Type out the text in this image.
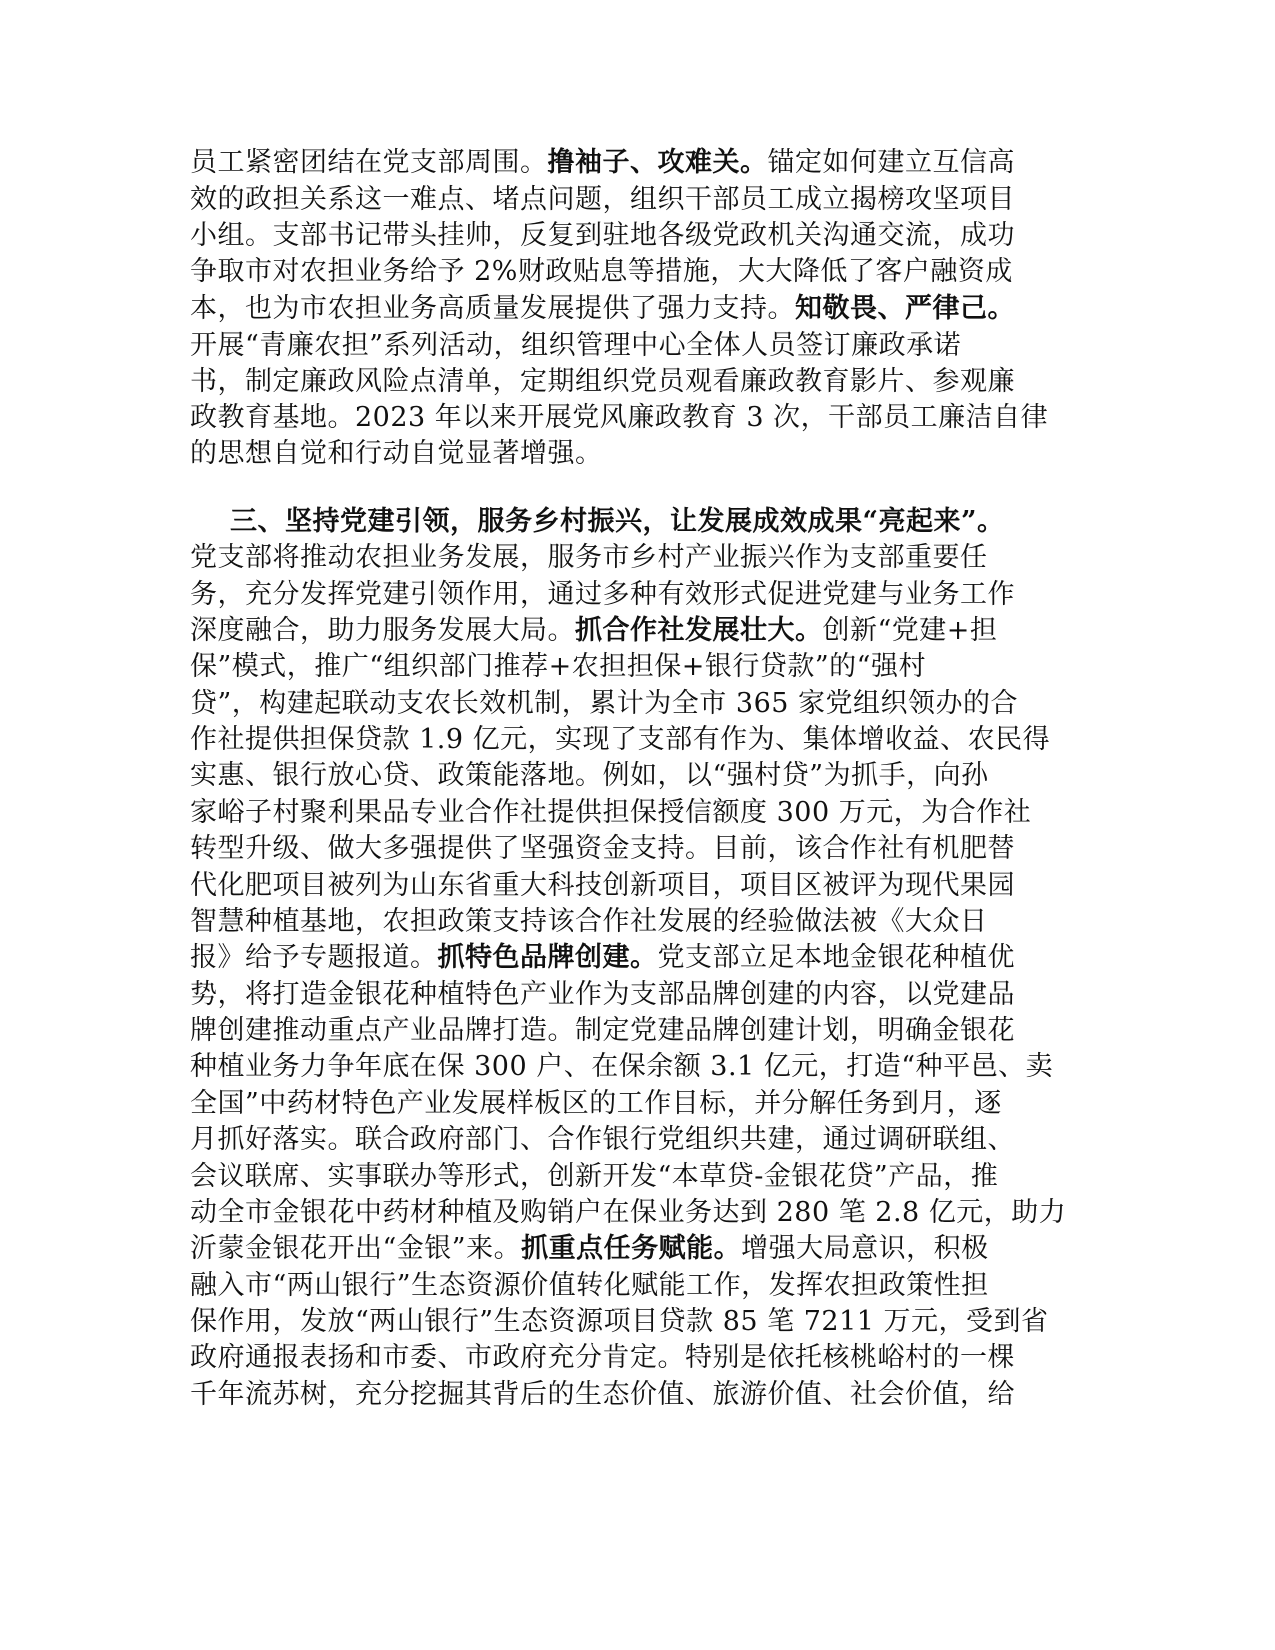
员工紧密团结在党支部周围。撸袖子、攻难关。锚定如何建立互信高
效的政担关系这一难点、堵点问题，组织干部员工成立揭榜攻坚项目
小组。支部书记带头挂帅，反复到驻地各级党政机关沟通交流，成功
争取市对农担业务给予 2%财政贴息等措施，大大降低了客户融资成
本，也为市农担业务高质量发展提供了强力支持。知敬畏、严律己。
开展“青廉农担”系列活动，组织管理中心全体人员签订廉政承诺
书，制定廉政风险点清单，定期组织党员观看廉政教育影片、参观廉
政教育基地。2023 年以来开展党风廉政教育 3 次，干部员工廉洁自律
的思想自觉和行动自觉显著增强。
三、坚持党建引领，服务乡村振兴，让发展成效成果“亮起来”。
党支部将推动农担业务发展，服务市乡村产业振兴作为支部重要任
务，充分发挥党建引领作用，通过多种有效形式促进党建与业务工作
深度融合，助力服务发展大局。抓合作社发展壮大。创新“党建+担
保”模式，推广“组织部门推荐+农担担保+银行贷款”的“强村
贷”，构建起联动支农长效机制，累计为全市 365 家党组织领办的合
作社提供担保贷款 1.9 亿元，实现了支部有作为、集体增收益、农民得
实惠、银行放心贷、政策能落地。例如，以“强村贷”为抓手，向孙
家峪子村聚利果品专业合作社提供担保授信额度 300 万元，为合作社
转型升级、做大多强提供了坚强资金支持。目前，该合作社有机肥替
代化肥项目被列为山东省重大科技创新项目，项目区被评为现代果园
智慧种植基地，农担政策支持该合作社发展的经验做法被《大众日
报》给予专题报道。抓特色品牌创建。党支部立足本地金银花种植优
势，将打造金银花种植特色产业作为支部品牌创建的内容，以党建品
牌创建推动重点产业品牌打造。制定党建品牌创建计划，明确金银花
种植业务力争年底在保 300 户、在保余额 3.1 亿元，打造“种平邑、卖
全国”中药材特色产业发展样板区的工作目标，并分解任务到月，逐
月抓好落实。联合政府部门、合作银行党组织共建，通过调研联组、
会议联席、实事联办等形式，创新开发“本草贷-金银花贷”产品，推
动全市金银花中药材种植及购销户在保业务达到 280 笔 2.8 亿元，助力
沂蒙金银花开出“金银”来。抓重点任务赋能。增强大局意识，积极
融入市“两山银行”生态资源价值转化赋能工作，发挥农担政策性担
保作用，发放“两山银行”生态资源项目贷款 85 笔 7211 万元，受到省
政府通报表扬和市委、市政府充分肯定。特别是依托核桃峪村的一棵
千年流苏树，充分挖掘其背后的生态价值、旅游价值、社会价值，给
